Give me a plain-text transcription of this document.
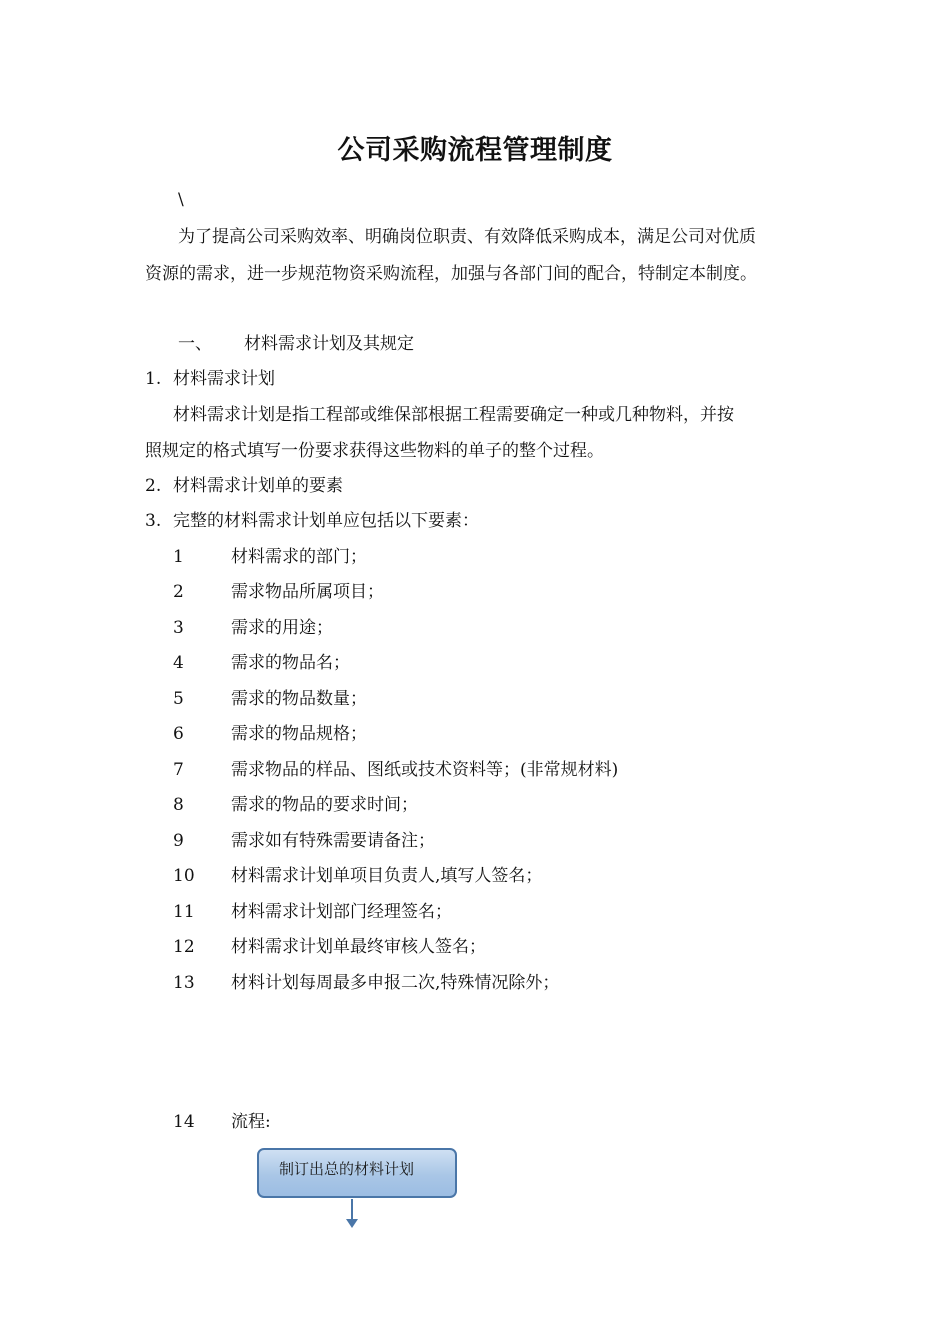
公司采购流程管理制度
\
为了提高公司采购效率、明确岗位职责、有效降低采购成本，满足公司对优质
资源的需求，进一步规范物资采购流程，加强与各部门间的配合，特制定本制度。
一、 材料需求计划及其规定
1. 材料需求计划
材料需求计划是指工程部或维保部根据工程需要确定一种或几种物料，并按
照规定的格式填写一份要求获得这些物料的单子的整个过程。
2. 材料需求计划单的要素
3. 完整的材料需求计划单应包括以下要素：
1	材料需求的部门；
2	需求物品所属项目；
3	需求的用途；
4	需求的物品名；
5	需求的物品数量；
6	需求的物品规格；
7	需求物品的样品、图纸或技术资料等；(非常规材料)
8	需求的物品的要求时间；
9	需求如有特殊需要请备注；
10 材料需求计划单项目负责人,填写人签名；
11 材料需求计划部门经理签名；
12 材料需求计划单最终审核人签名；
13 材料计划每周最多申报二次,特殊情况除外；
14 流程:
制订出总的材料计划
